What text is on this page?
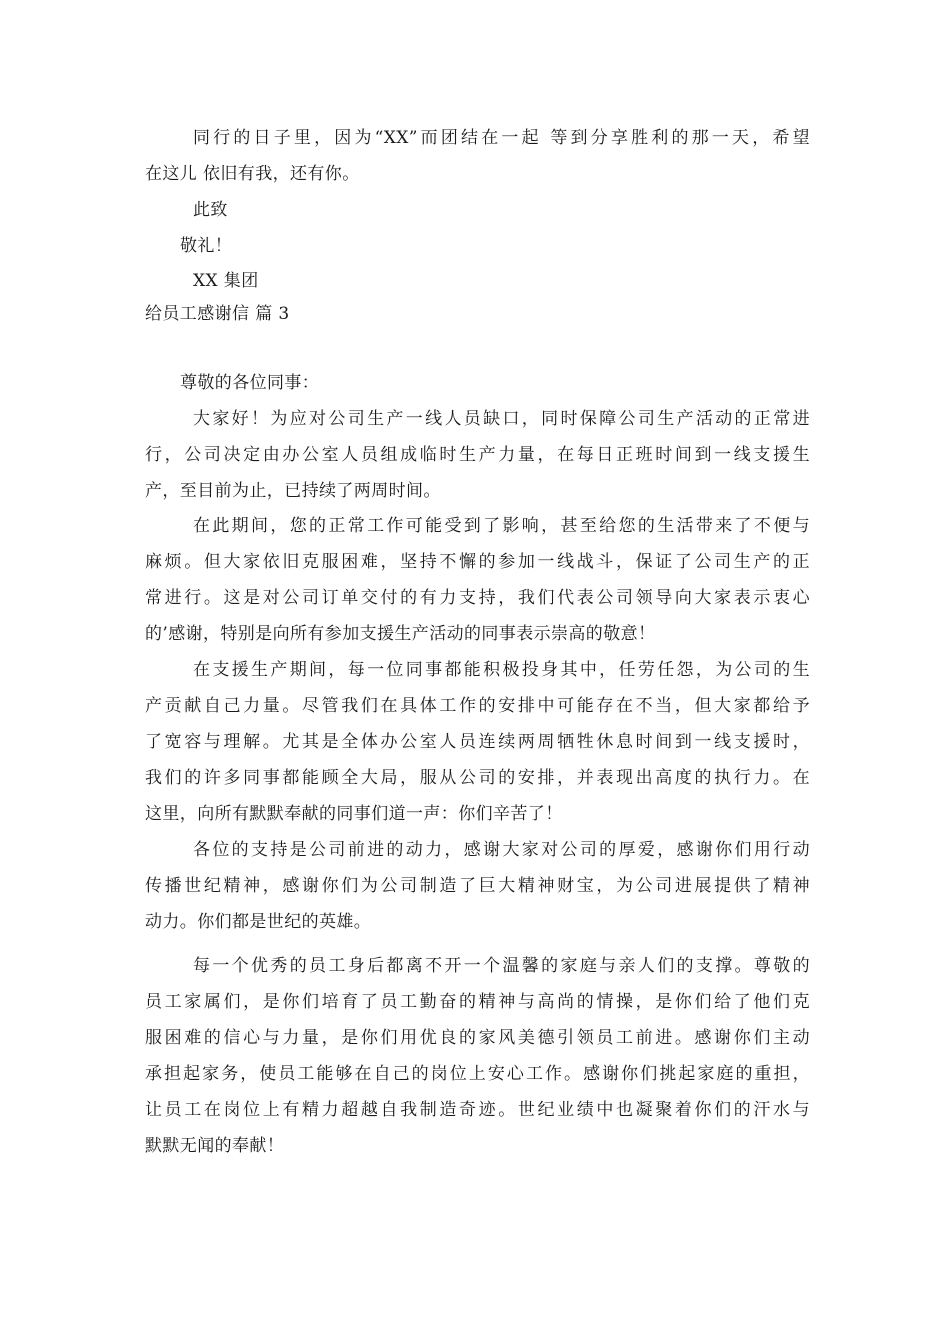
同行的日子里，因为“XX”而团结在一起 等到分享胜利的那一天，希望
在这儿 依旧有我，还有你。
此致
敬礼！
XX 集团
给员工感谢信 篇 3
尊敬的各位同事：
大家好！为应对公司生产一线人员缺口，同时保障公司生产活动的正常进
行，公司决定由办公室人员组成临时生产力量，在每日正班时间到一线支援生
产，至目前为止，已持续了两周时间。
在此期间，您的正常工作可能受到了影响，甚至给您的生活带来了不便与
麻烦。但大家依旧克服困难，坚持不懈的参加一线战斗，保证了公司生产的正
常进行。这是对公司订单交付的有力支持，我们代表公司领导向大家表示衷心
的’感谢，特别是向所有参加支援生产活动的同事表示崇高的敬意！
在支援生产期间，每一位同事都能积极投身其中，任劳任怨，为公司的生
产贡献自己力量。尽管我们在具体工作的安排中可能存在不当，但大家都给予
了宽容与理解。尤其是全体办公室人员连续两周牺牲休息时间到一线支援时，
我们的许多同事都能顾全大局，服从公司的安排，并表现出高度的执行力。在
这里，向所有默默奉献的同事们道一声：你们辛苦了！
各位的支持是公司前进的动力，感谢大家对公司的厚爱，感谢你们用行动
传播世纪精神，感谢你们为公司制造了巨大精神财宝，为公司进展提供了精神
动力。你们都是世纪的英雄。
每一个优秀的员工身后都离不开一个温馨的家庭与亲人们的支撑。尊敬的
员工家属们，是你们培育了员工勤奋的精神与高尚的情操，是你们给了他们克
服困难的信心与力量，是你们用优良的家风美德引领员工前进。感谢你们主动
承担起家务，使员工能够在自己的岗位上安心工作。感谢你们挑起家庭的重担，
让员工在岗位上有精力超越自我制造奇迹。世纪业绩中也凝聚着你们的汗水与
默默无闻的奉献！
